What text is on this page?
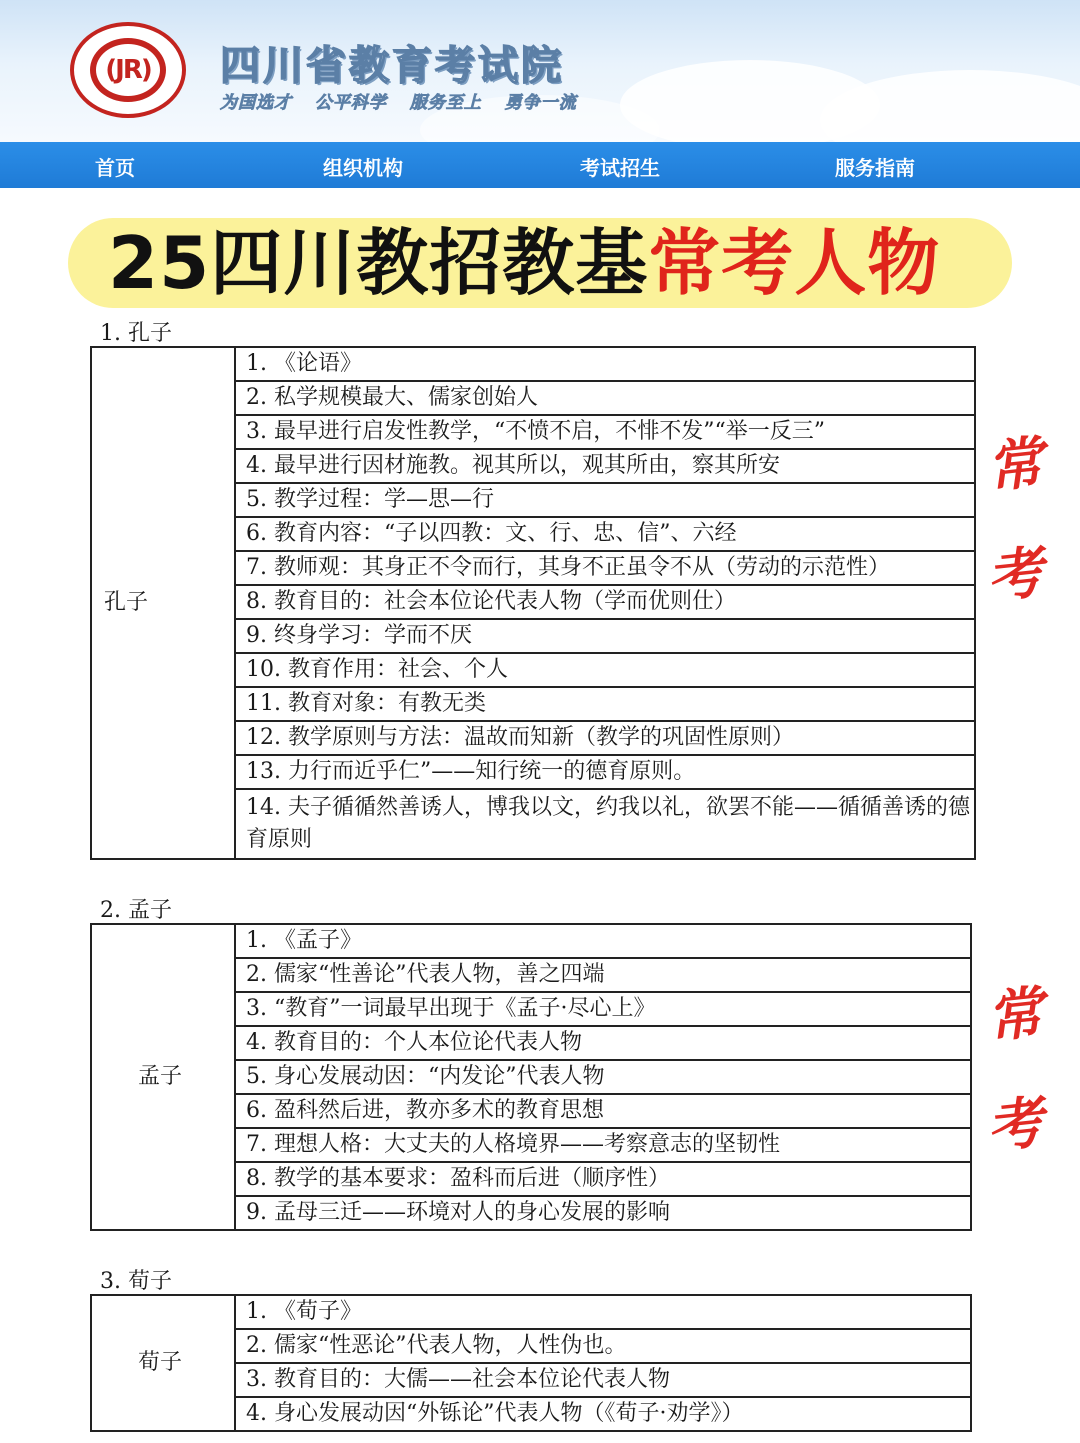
(JR) 四川省教育考试院
为国选才 公平科学 服务至上 勇争一流
首页	组织机构	考试招生	服务指南
25四川教招教基常考人物
1. 孔子
孔子	1. 《论语》
2. 私学规模最大、儒家创始人
3. 最早进行启发性教学，“不愤不启，不悱不发”“举一反三”
4. 最早进行因材施教。视其所以，观其所由，察其所安
5. 教学过程：学—思—行
6. 教育内容：“子以四教：文、行、忠、信”、六经
7. 教师观：其身正不令而行，其身不正虽令不从（劳动的示范性）
8. 教育目的：社会本位论代表人物（学而优则仕）
9. 终身学习：学而不厌
10. 教育作用：社会、个人
11. 教育对象：有教无类
12. 教学原则与方法：温故而知新（教学的巩固性原则）
13. 力行而近乎仁”——知行统一的德育原则。
14. 夫子循循然善诱人，博我以文，约我以礼，欲罢不能——循循善诱的德育原则
常
考
2. 孟子
孟子	1. 《孟子》
2. 儒家“性善论”代表人物，善之四端
3. “教育”一词最早出现于《孟子·尽心上》
4. 教育目的：个人本位论代表人物
5. 身心发展动因：“内发论”代表人物
6. 盈科然后进，教亦多术的教育思想
7. 理想人格：大丈夫的人格境界——考察意志的坚韧性
8. 教学的基本要求：盈科而后进（顺序性）
9. 孟母三迁——环境对人的身心发展的影响
常
考
3. 荀子
荀子	1. 《荀子》
2. 儒家“性恶论”代表人物，人性伪也。
3. 教育目的：大儒——社会本位论代表人物
4. 身心发展动因“外铄论”代表人物（《荀子·劝学》）
